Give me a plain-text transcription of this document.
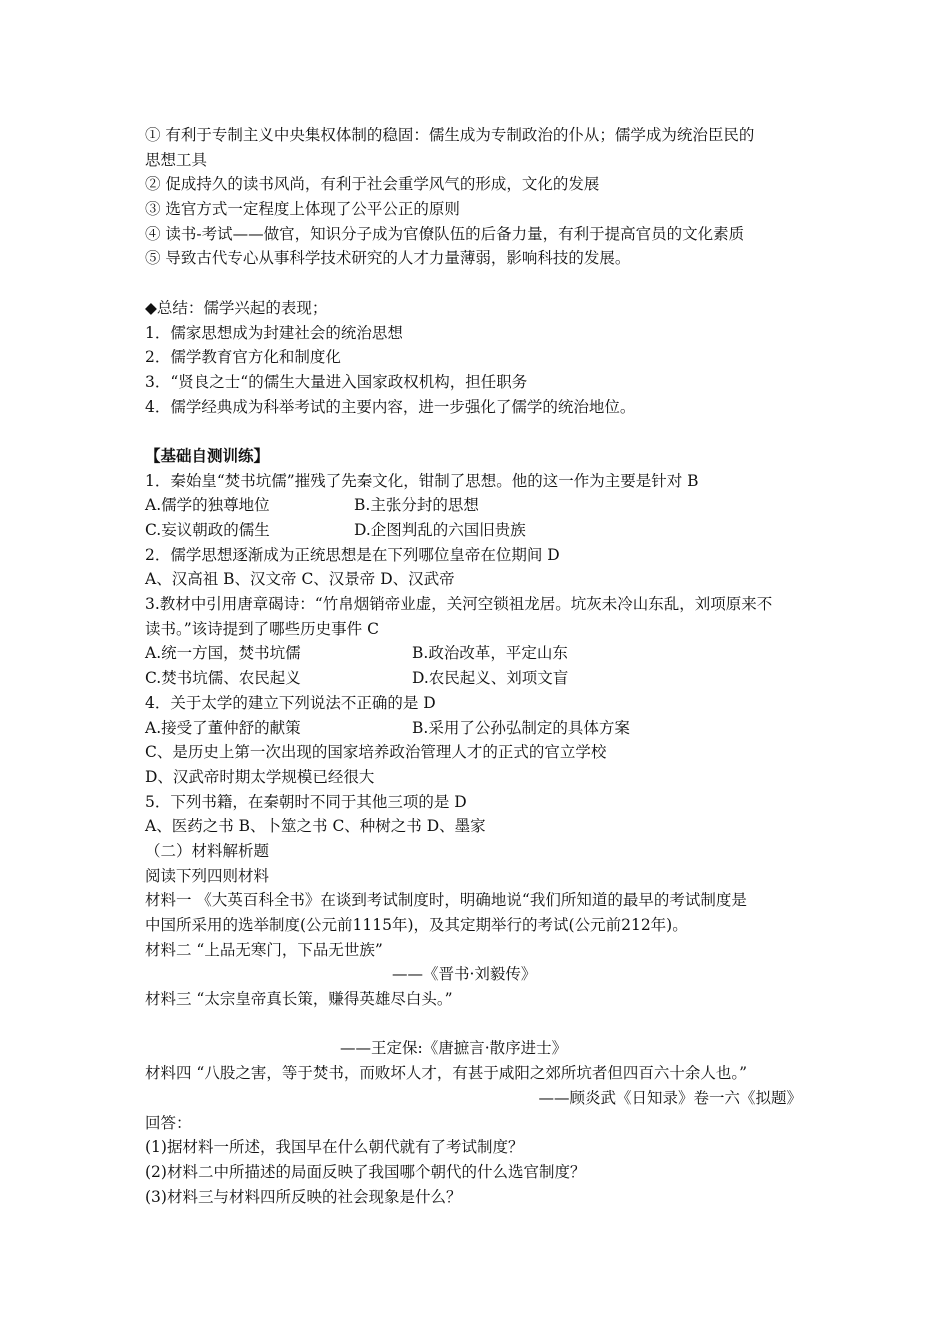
① 有利于专制主义中央集权体制的稳固：儒生成为专制政治的仆从；儒学成为统治臣民的
思想工具
② 促成持久的读书风尚，有利于社会重学风气的形成，文化的发展
③ 选官方式一定程度上体现了公平公正的原则
④ 读书-考试——做官，知识分子成为官僚队伍的后备力量，有利于提高官员的文化素质
⑤ 导致古代专心从事科学技术研究的人才力量薄弱，影响科技的发展。
◆总结：儒学兴起的表现；
1．儒家思想成为封建社会的统治思想
2．儒学教育官方化和制度化
3．“贤良之士“的儒生大量进入国家政权机构，担任职务
4．儒学经典成为科举考试的主要内容，进一步强化了儒学的统治地位。
【基础自测训练】
1．秦始皇“焚书坑儒”摧残了先秦文化，钳制了思想。他的这一作为主要是针对 B
A.儒学的独尊地位	B.主张分封的思想
C.妄议朝政的儒生	D.企图判乱的六国旧贵族
2．儒学思想逐渐成为正统思想是在下列哪位皇帝在位期间 D
A、汉高祖 B、汉文帝 C、汉景帝 D、汉武帝
3.教材中引用唐章碣诗：“竹帛烟销帝业虚，关河空锁祖龙居。坑灰未冷山东乱，刘项原来不
读书。”该诗提到了哪些历史事件 C
A.统一方国，焚书坑儒	B.政治改革，平定山东
C.焚书坑儒、农民起义	D.农民起义、刘项文盲
4．关于太学的建立下列说法不正确的是 D
A.接受了董仲舒的献策	B.采用了公孙弘制定的具体方案
C、是历史上第一次出现的国家培养政治管理人才的正式的官立学校
D、汉武帝时期太学规模已经很大
5．下列书籍，在秦朝时不同于其他三项的是 D
A、医药之书 B、卜筮之书 C、种树之书 D、墨家
（二）材料解析题
阅读下列四则材料
材料一 《大英百科全书》在谈到考试制度时，明确地说“我们所知道的最早的考试制度是
中国所采用的选举制度(公元前1115年)，及其定期举行的考试(公元前212年)。
材料二 “上品无寒门，下品无世族”
——《晋书·刘毅传》
材料三 “太宗皇帝真长策，赚得英雄尽白头。”
——王定保:《唐摭言·散序进士》
材料四 “八股之害，等于焚书，而败坏人才，有甚于咸阳之郊所坑者但四百六十余人也。”
——顾炎武《日知录》卷一六《拟题》
回答：
(1)据材料一所述，我国早在什么朝代就有了考试制度？
(2)材料二中所描述的局面反映了我国哪个朝代的什么选官制度？
(3)材料三与材料四所反映的社会现象是什么？
